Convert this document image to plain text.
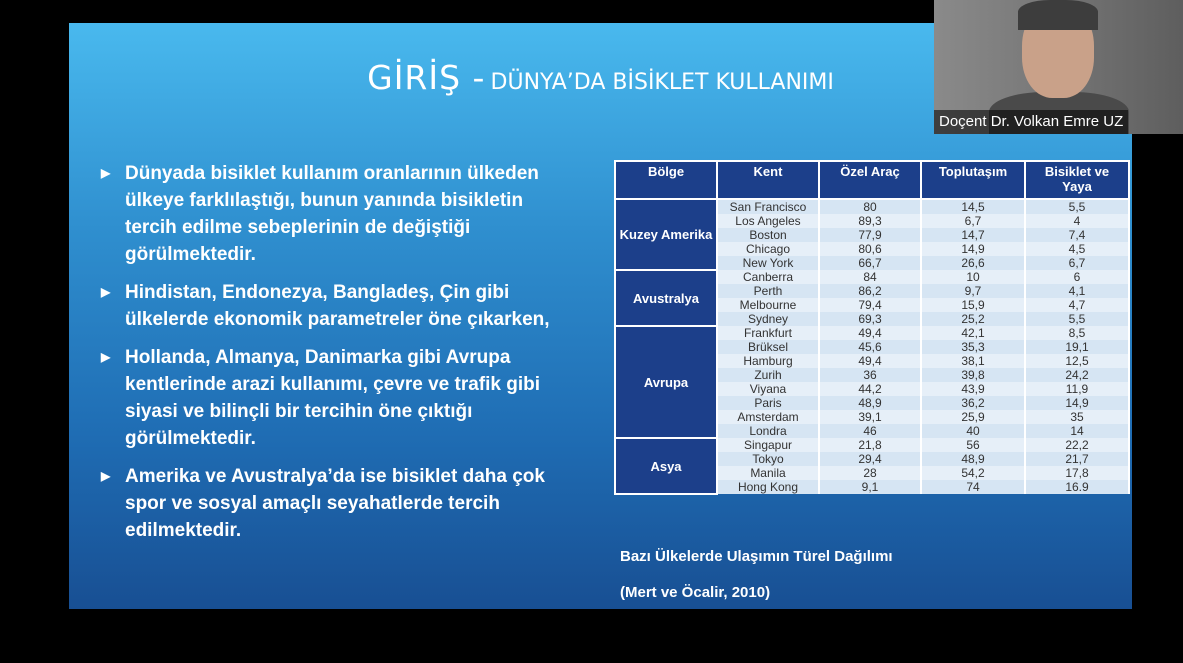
GİRİŞ - DÜNYA’DA BİSİKLET KULLANIMI
▶ Dünyada bisiklet kullanım oranlarının ülkeden ülkeye farklılaştığı, bunun yanında bisikletin tercih edilme sebeplerinin de değiştiği görülmektedir.
▶ Hindistan, Endonezya, Bangladeş, Çin gibi ülkelerde ekonomik parametreler öne çıkarken,
▶ Hollanda, Almanya, Danimarka gibi Avrupa kentlerinde arazi kullanımı, çevre ve trafik gibi siyasi ve bilinçli bir tercihin öne çıktığı görülmektedir.
▶ Amerika ve Avustralya’da ise bisiklet daha çok spor ve sosyal amaçlı seyahatlerde tercih edilmektedir.
Bölge	Kent	Özel Araç	Toplutaşım	Bisiklet ve Yaya
Kuzey Amerika	San Francisco	80	14,5	5,5
	Los Angeles	89,3	6,7	4
	Boston	77,9	14,7	7,4
	Chicago	80,6	14,9	4,5
	New York	66,7	26,6	6,7
Avustralya	Canberra	84	10	6
	Perth	86,2	9,7	4,1
	Melbourne	79,4	15,9	4,7
	Sydney	69,3	25,2	5,5
Avrupa	Frankfurt	49,4	42,1	8,5
	Brüksel	45,6	35,3	19,1
	Hamburg	49,4	38,1	12,5
	Zurih	36	39,8	24,2
	Viyana	44,2	43,9	11,9
	Paris	48,9	36,2	14,9
	Amsterdam	39,1	25,9	35
	Londra	46	40	14
Asya	Singapur	21,8	56	22,2
	Tokyo	29,4	48,9	21,7
	Manila	28	54,2	17,8
	Hong Kong	9,1	74	16.9
Bazı Ülkelerde Ulaşımın Türel Dağılımı
(Mert ve Öcalir, 2010)
Doçent Dr. Volkan Emre UZ
